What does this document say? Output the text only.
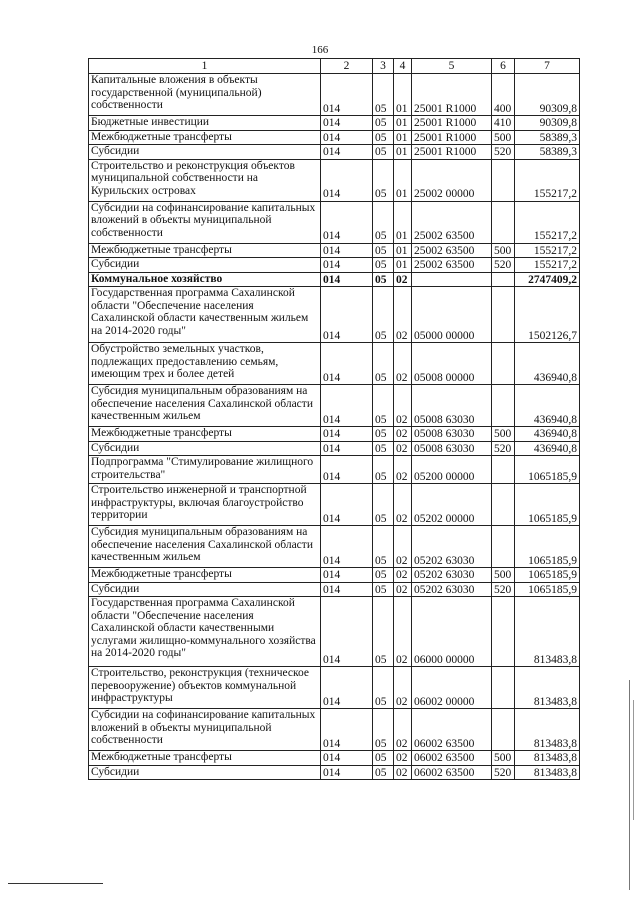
166
1	2	3	4	5	6	7
Капитальные вложения в объекты государственной (муниципальной) собственности	014	05	01	25001 R1000	400	90309,8
Бюджетные инвестиции	014	05	01	25001 R1000	410	90309,8
Межбюджетные трансферты	014	05	01	25001 R1000	500	58389,3
Субсидии	014	05	01	25001 R1000	520	58389,3
Строительство и реконструкция объектов муниципальной собственности на Курильских островах	014	05	01	25002 00000		155217,2
Субсидии на софинансирование капитальных вложений в объекты муниципальной собственности	014	05	01	25002 63500		155217,2
Межбюджетные трансферты	014	05	01	25002 63500	500	155217,2
Субсидии	014	05	01	25002 63500	520	155217,2
Коммунальное хозяйство	014	05	02			2747409,2
Государственная программа Сахалинской области "Обеспечение населения Сахалинской области качественным жильем на 2014-2020 годы"	014	05	02	05000 00000		1502126,7
Обустройство земельных участков, подлежащих предоставлению семьям, имеющим трех и более детей	014	05	02	05008 00000		436940,8
Субсидия муниципальным образованиям на обеспечение населения Сахалинской области качественным жильем	014	05	02	05008 63030		436940,8
Межбюджетные трансферты	014	05	02	05008 63030	500	436940,8
Субсидии	014	05	02	05008 63030	520	436940,8
Подпрограмма "Стимулирование жилищного строительства"	014	05	02	05200 00000		1065185,9
Строительство инженерной и транспортной инфраструктуры, включая благоустройство территории	014	05	02	05202 00000		1065185,9
Субсидия муниципальным образованиям на обеспечение населения Сахалинской области качественным жильем	014	05	02	05202 63030		1065185,9
Межбюджетные трансферты	014	05	02	05202 63030	500	1065185,9
Субсидии	014	05	02	05202 63030	520	1065185,9
Государственная программа Сахалинской области "Обеспечение населения Сахалинской области качественными услугами жилищно-коммунального хозяйства на 2014-2020 годы"	014	05	02	06000 00000		813483,8
Строительство, реконструкция (техническое перевооружение) объектов коммунальной инфраструктуры	014	05	02	06002 00000		813483,8
Субсидии на софинансирование капитальных вложений в объекты муниципальной собственности	014	05	02	06002 63500		813483,8
Межбюджетные трансферты	014	05	02	06002 63500	500	813483,8
Субсидии	014	05	02	06002 63500	520	813483,8
